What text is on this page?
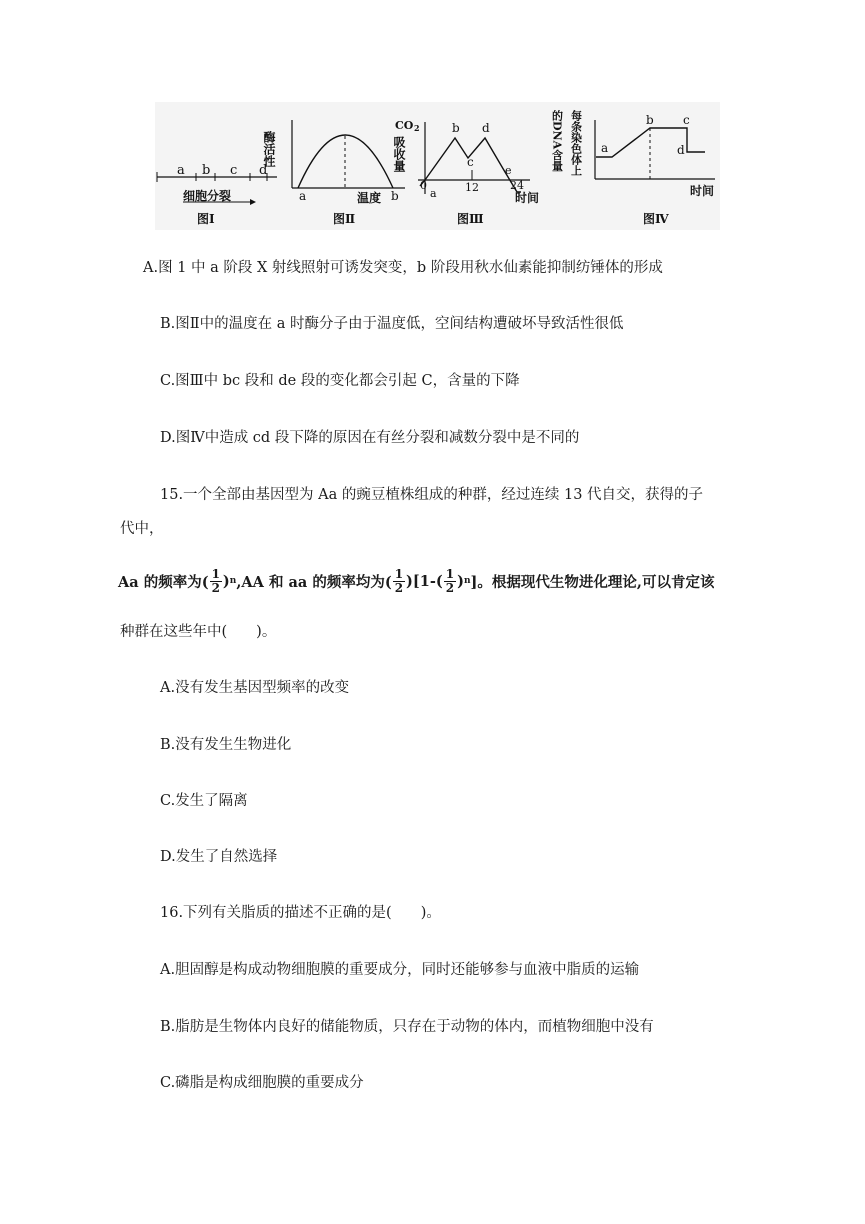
a b c d
细胞分裂
图Ⅰ
酶活性
a	b
温度
图Ⅱ
CO 2
吸收量
b
c
d
e
a
0	12	24
时间
图Ⅲ
的DNA含量 每条染色体上 a
b c
d
时间
图Ⅳ
A.图 1 中 a 阶段 X 射线照射可诱发突变，b 阶段用秋水仙素能抑制纺锤体的形成
B.图Ⅱ中的温度在 a 时酶分子由于温度低，空间结构遭破坏导致活性很低
C.图Ⅲ中 bc 段和 de 段的变化都会引起 C，含量的下降
D.图Ⅳ中造成 cd 段下降的原因在有丝分裂和减数分裂中是不同的
15.一个全部由基因型为 Aa 的豌豆植株组成的种群，经过连续 13 代自交，获得的子
代中，
Aa 的频率为( $\frac{1}{2}$ ) n ,AA 和 aa 的频率均为( $\frac{1}{2} )[1-( \frac{1}{2}$ ) n ]。根据现代生物进化理论,可以肯定该
种群在这些年中(　　)。
A.没有发生基因型频率的改变
B.没有发生生物进化
C.发生了隔离
D.发生了自然选择
16.下列有关脂质的描述不正确的是(　　)。
A.胆固醇是构成动物细胞膜的重要成分，同时还能够参与血液中脂质的运输
B.脂肪是生物体内良好的储能物质，只存在于动物的体内，而植物细胞中没有
C.磷脂是构成细胞膜的重要成分
